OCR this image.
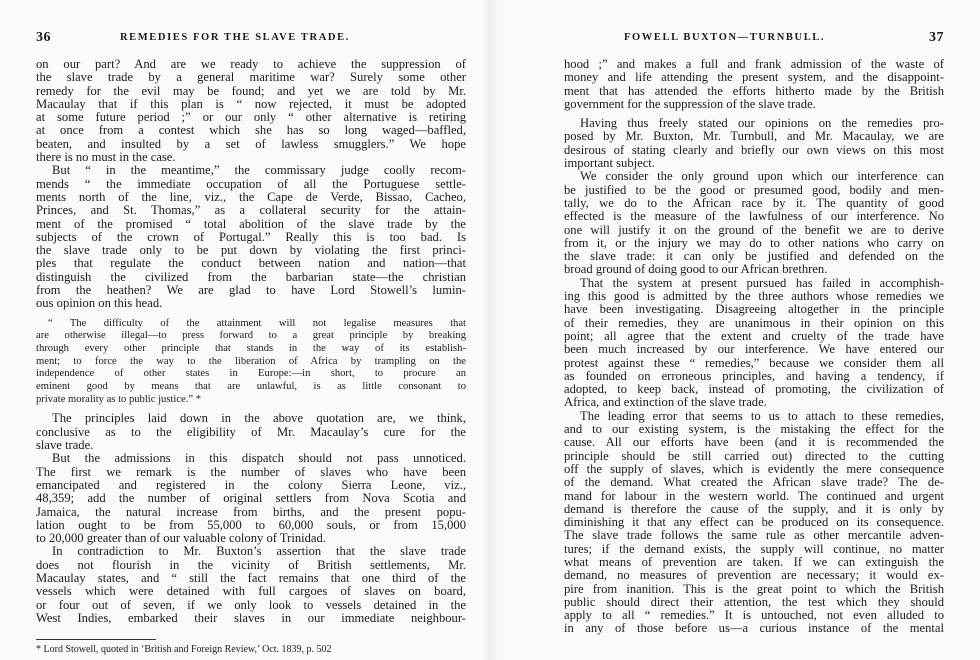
36	REMEDIES FOR THE SLAVE TRADE.
on our part? And are we ready to achieve the suppression of
the slave trade by a general maritime war? Surely some other
remedy for the evil may be found; and yet we are told by Mr.
Macaulay that if this plan is “ now rejected, it must be adopted
at some future period ;” or our only “ other alternative is retiring
at once from a contest which she has so long waged—baffled,
beaten, and insulted by a set of lawless smugglers.” We hope
there is no must in the case.
But “ in the meantime,” the commissary judge coolly recom-
mends “ the immediate occupation of all the Portuguese settle-
ments north of the line, viz., the Cape de Verde, Bissao, Cacheo,
Princes, and St. Thomas,” as a collateral security for the attain-
ment of the promised “ total abolition of the slave trade by the
subjects of the crown of Portugal.” Really this is too bad. Is
the slave trade only to be put down by violating the first princi-
ples that regulate the conduct between nation and nation—that
distinguish the civilized from the barbarian state—the christian
from the heathen? We are glad to have Lord Stowell’s lumin-
ous opinion on this head.
“ The difficulty of the attainment will not legalise measures that
are otherwise illegal—to press forward to a great principle by breaking
through every other principle that stands in the way of its establish-
ment; to force the way to the liberation of Africa by trampling on the
independence of other states in Europe:—in short, to procure an
eminent good by means that are unlawful, is as little consonant to
private morality as to public justice.” *
The principles laid down in the above quotation are, we think,
conclusive as to the eligibility of Mr. Macaulay’s cure for the
slave trade.
But the admissions in this dispatch should not pass unnoticed.
The first we remark is the number of slaves who have been
emancipated and registered in the colony Sierra Leone, viz.,
48,359; add the number of original settlers from Nova Scotia and
Jamaica, the natural increase from births, and the present popu-
lation ought to be from 55,000 to 60,000 souls, or from 15,000
to 20,000 greater than of our valuable colony of Trinidad.
In contradiction to Mr. Buxton’s assertion that the slave trade
does not flourish in the vicinity of British settlements, Mr.
Macaulay states, and “ still the fact remains that one third of the
vessels which were detained with full cargoes of slaves on board,
or four out of seven, if we only look to vessels detained in the
West Indies, embarked their slaves in our immediate neighbour-
* Lord Stowell, quoted in ‘British and Foreign Review,’ Oct. 1839, p. 502
FOWELL BUXTON—TURNBULL.	37
hood ;” and makes a full and frank admission of the waste of
money and life attending the present system, and the disappoint-
ment that has attended the efforts hitherto made by the British
government for the suppression of the slave trade.
Having thus freely stated our opinions on the remedies pro-
posed by Mr. Buxton, Mr. Turnbull, and Mr. Macaulay, we are
desirous of stating clearly and briefly our own views on this most
important subject.
We consider the only ground upon which our interference can
be justified to be the good or presumed good, bodily and men-
tally, we do to the African race by it. The quantity of good
effected is the measure of the lawfulness of our interference. No
one will justify it on the ground of the benefit we are to derive
from it, or the injury we may do to other nations who carry on
the slave trade: it can only be justified and defended on the
broad ground of doing good to our African brethren.
That the system at present pursued has failed in accomphish-
ing this good is admitted by the three authors whose remedies we
have been investigating. Disagreeing altogether in the principle
of their remedies, they are unanimous in their opinion on this
point; all agree that the extent and cruelty of the trade have
been much increased by our interference. We have entered our
protest against these “ remedies,” because we consider them all
as founded on erroneous principles, and having a tendency, if
adopted, to keep back, instead of promoting, the civilization of
Africa, and extinction of the slave trade.
The leading error that seems to us to attach to these remedies,
and to our existing system, is the mistaking the effect for the
cause. All our efforts have been (and it is recommended the
principle should be still carried out) directed to the cutting
off the supply of slaves, which is evidently the mere consequence
of the demand. What created the African slave trade? The de-
mand for labour in the western world. The continued and urgent
demand is therefore the cause of the supply, and it is only by
diminishing it that any effect can be produced on its consequence.
The slave trade follows the same rule as other mercantile adven-
tures; if the demand exists, the supply will continue, no matter
what means of prevention are taken. If we can extinguish the
demand, no measures of prevention are necessary; it would ex-
pire from inanition. This is the great point to which the British
public should direct their attention, the test which they should
apply to all “ remedies.” It is untouched, not even alluded to
in any of those before us—a curious instance of the mental
